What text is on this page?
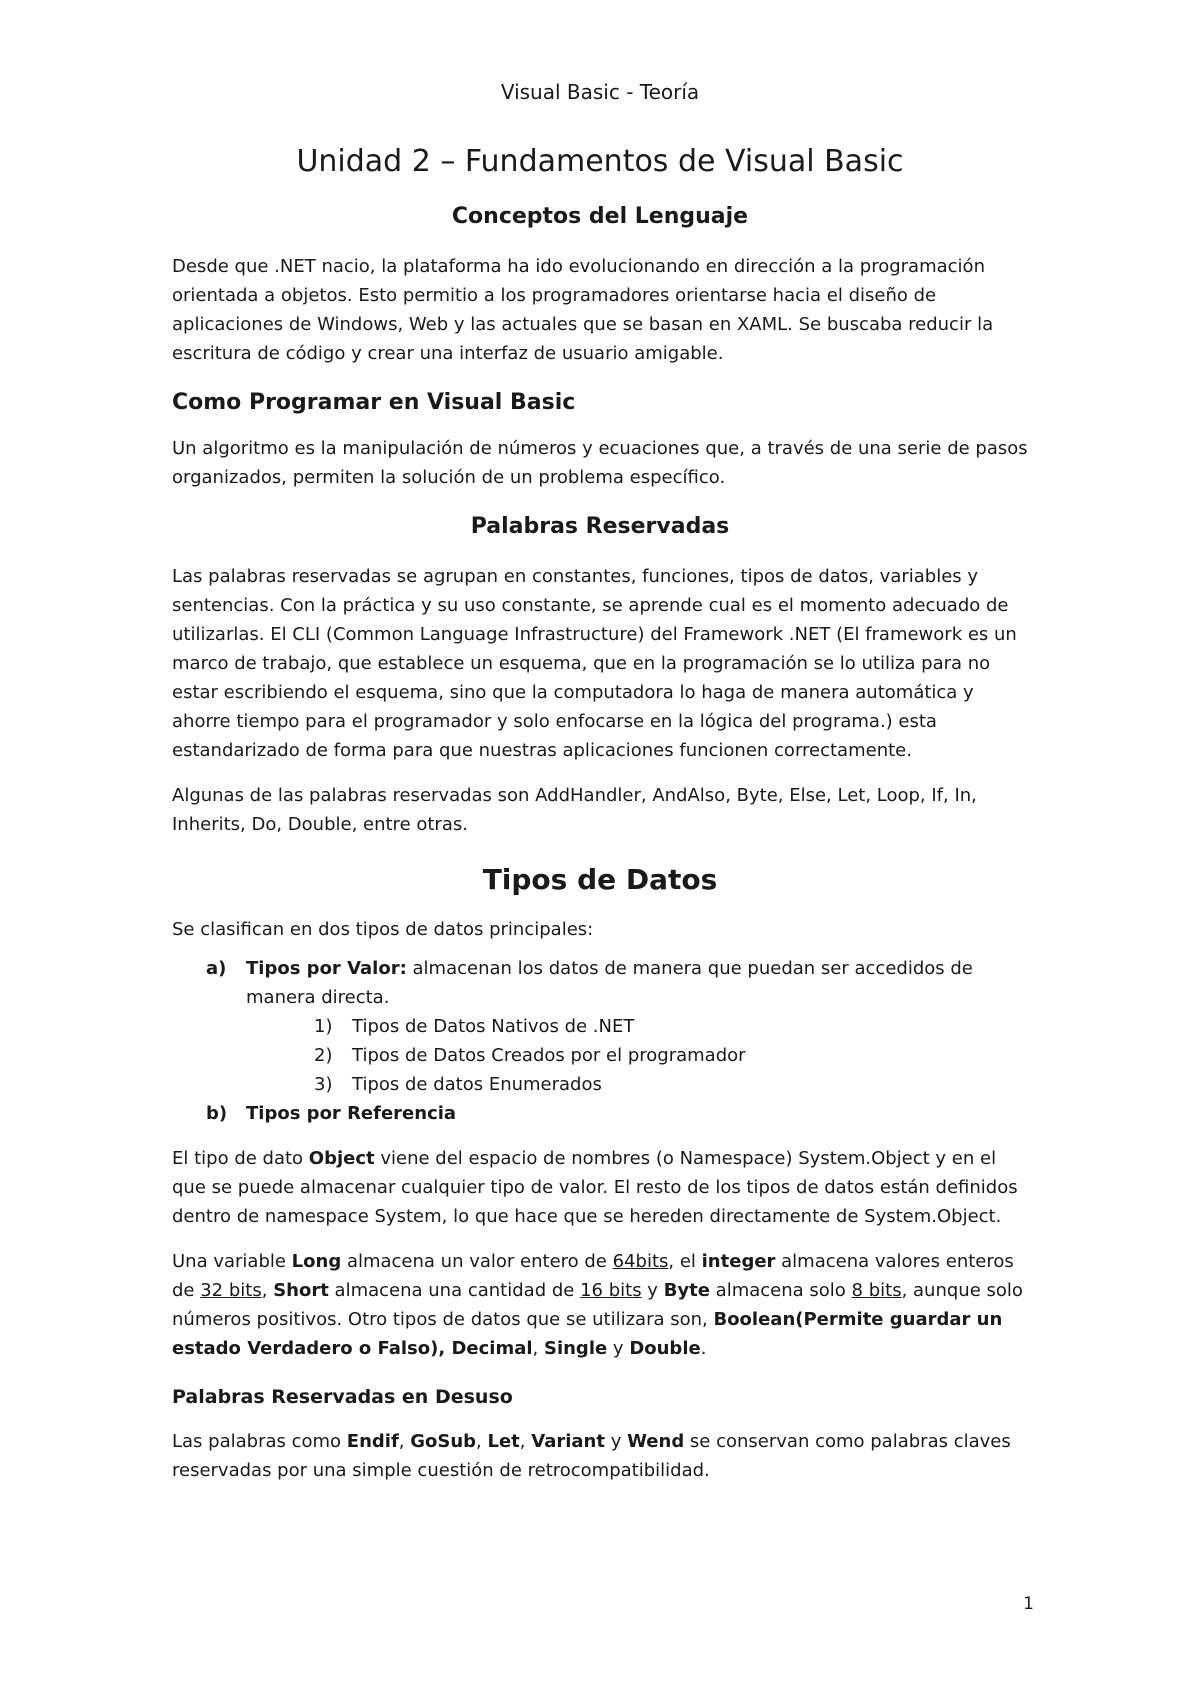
Visual Basic - Teoría
Unidad 2 – Fundamentos de Visual Basic
Conceptos del Lenguaje

Desde que .NET nacio, la plataforma ha ido evolucionando en dirección a la programación orientada a objetos. Esto permitio a los programadores orientarse hacia el diseño de aplicaciones de Windows, Web y las actuales que se basan en XAML. Se buscaba reducir la escritura de código y crear una interfaz de usuario amigable.

Como Programar en Visual Basic

Un algoritmo es la manipulación de números y ecuaciones que, a través de una serie de pasos organizados, permiten la solución de un problema específico.

Palabras Reservadas

Las palabras reservadas se agrupan en constantes, funciones, tipos de datos, variables y sentencias. Con la práctica y su uso constante, se aprende cual es el momento adecuado de utilizarlas. El CLI (Common Language Infrastructure) del Framework .NET (El framework es un marco de trabajo, que establece un esquema, que en la programación se lo utiliza para no estar escribiendo el esquema, sino que la computadora lo haga de manera automática y ahorre tiempo para el programador y solo enfocarse en la lógica del programa.) esta estandarizado de forma para que nuestras aplicaciones funcionen correctamente.

Algunas de las palabras reservadas son AddHandler, AndAlso, Byte, Else, Let, Loop, If, In, Inherits, Do, Double, entre otras.

Tipos de Datos

Se clasifican en dos tipos de datos principales:

a)	Tipos por Valor: almacenan los datos de manera que puedan ser accedidos de manera directa.
1)	Tipos de Datos Nativos de .NET
2)	Tipos de Datos Creados por el programador
3)	Tipos de datos Enumerados
b)	Tipos por Referencia

El tipo de dato Object viene del espacio de nombres (o Namespace) System.Object y en el que se puede almacenar cualquier tipo de valor. El resto de los tipos de datos están definidos dentro de namespace System, lo que hace que se hereden directamente de System.Object.

Una variable Long almacena un valor entero de 64bits, el integer almacena valores enteros de 32 bits, Short almacena una cantidad de 16 bits y Byte almacena solo 8 bits, aunque solo números positivos. Otro tipos de datos que se utilizara son, Boolean(Permite guardar un estado Verdadero o Falso), Decimal, Single y Double.

Palabras Reservadas en Desuso

Las palabras como Endif, GoSub, Let, Variant y Wend se conservan como palabras claves reservadas por una simple cuestión de retrocompatibilidad.

1
